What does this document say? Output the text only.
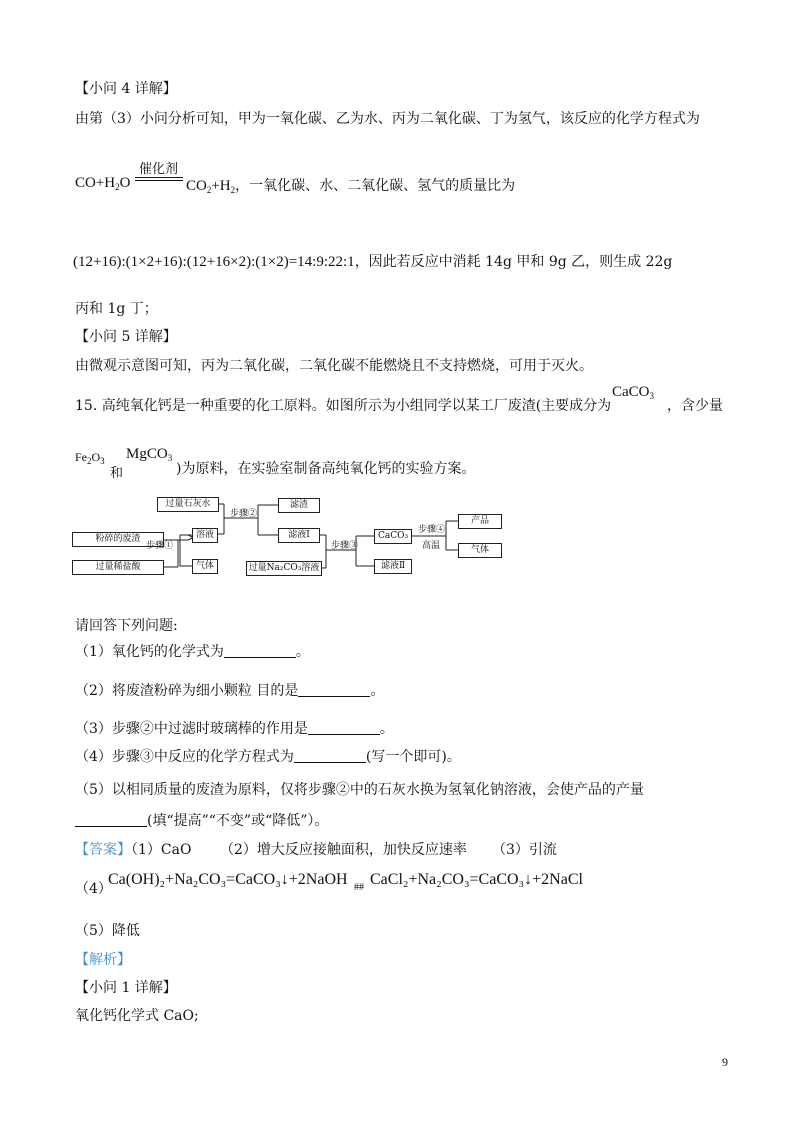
【小问 4 详解】
由第（3）小问分析可知，甲为一氧化碳、乙为水、丙为二氧化碳、丁为氢气，该反应的化学方程式为
$CO+H_2O$
催化剂
$CO_2+H_2$，一氧化碳、水、二氧化碳、氢气的质量比为
(12+16):(1×2+16):(12+16×2):(1×2)=14:9:22:1，因此若反应中消耗 14g 甲和 9g 乙，则生成 22g
丙和 1g 丁；
【小问 5 详解】
由微观示意图可知，丙为二氧化碳，二氧化碳不能燃烧且不支持燃烧，可用于灭火。
15. 高纯氧化钙是一种重要的化工原料。如图所示为小组同学以某工厂废渣(主要成分为
CaCO$_3$
，含少量
$Fe_2O_3$
和
MgCO$_3$
)为原料，在实验室制备高纯氧化钙的实验方案。
粉碎的废渣
过量稀盐酸
步骤①
溶液
气体
过量石灰水
步骤②
滤渣
滤液Ⅰ
过量Na₂CO₃溶液
步骤③
CaCO₃
滤液Ⅱ
步骤④
高温
产品
气体
请回答下列问题:
（1）氧化钙的化学式为	。
（2）将废渣粉碎为细小颗粒 目的是	。
（3）步骤②中过滤时玻璃棒的作用是	。
（4）步骤③中反应的化学方程式为	(写一个即可)。
（5）以相同质量的废渣为原料，仅将步骤②中的石灰水换为氢氧化钠溶液，会使产品的产量
(填“提高”“不变”或“降低”）。
【答案】（1）CaO （2）增大反应接触面积，加快反应速率 （3）引流
（4）
Ca(OH)₂+Na₂CO₃=CaCO₃↓+2NaOH ## CaCl₂+Na₂CO₃=CaCO₃↓+2NaCl
（5）降低
【解析】
【小问 1 详解】
氧化钙化学式 CaO;
9
